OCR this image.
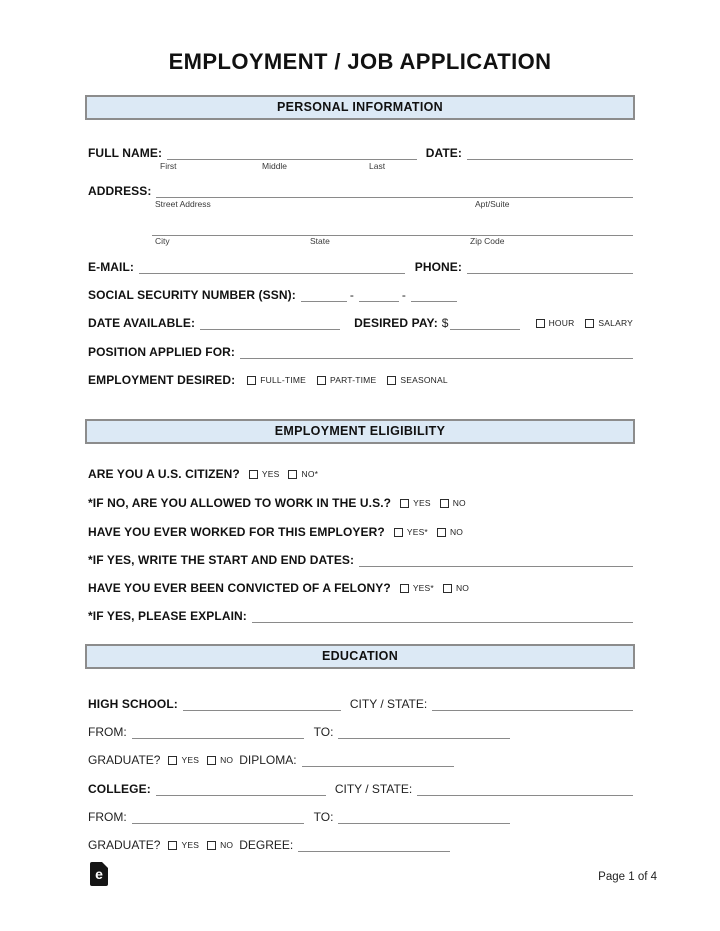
EMPLOYMENT / JOB APPLICATION
PERSONAL INFORMATION
FULL NAME:	DATE:
First	Middle	Last
ADDRESS:
Street Address	Apt/Suite
City	State	Zip Code
E-MAIL:	PHONE:
SOCIAL SECURITY NUMBER (SSN):	-	-
DATE AVAILABLE:	DESIRED PAY: $	HOUR	SALARY
POSITION APPLIED FOR:
EMPLOYMENT DESIRED:	FULL-TIME	PART-TIME	SEASONAL
EMPLOYMENT ELIGIBILITY
ARE YOU A U.S. CITIZEN?	YES	NO*
*IF NO, ARE YOU ALLOWED TO WORK IN THE U.S.?	YES	NO
HAVE YOU EVER WORKED FOR THIS EMPLOYER?	YES*	NO
*IF YES, WRITE THE START AND END DATES:
HAVE YOU EVER BEEN CONVICTED OF A FELONY?	YES*	NO
*IF YES, PLEASE EXPLAIN:
EDUCATION
HIGH SCHOOL:	CITY / STATE:
FROM:	TO:
GRADUATE? YES NO DIPLOMA:
COLLEGE:	CITY / STATE:
FROM:	TO:
GRADUATE? YES NO DEGREE:
e	Page 1 of 4
